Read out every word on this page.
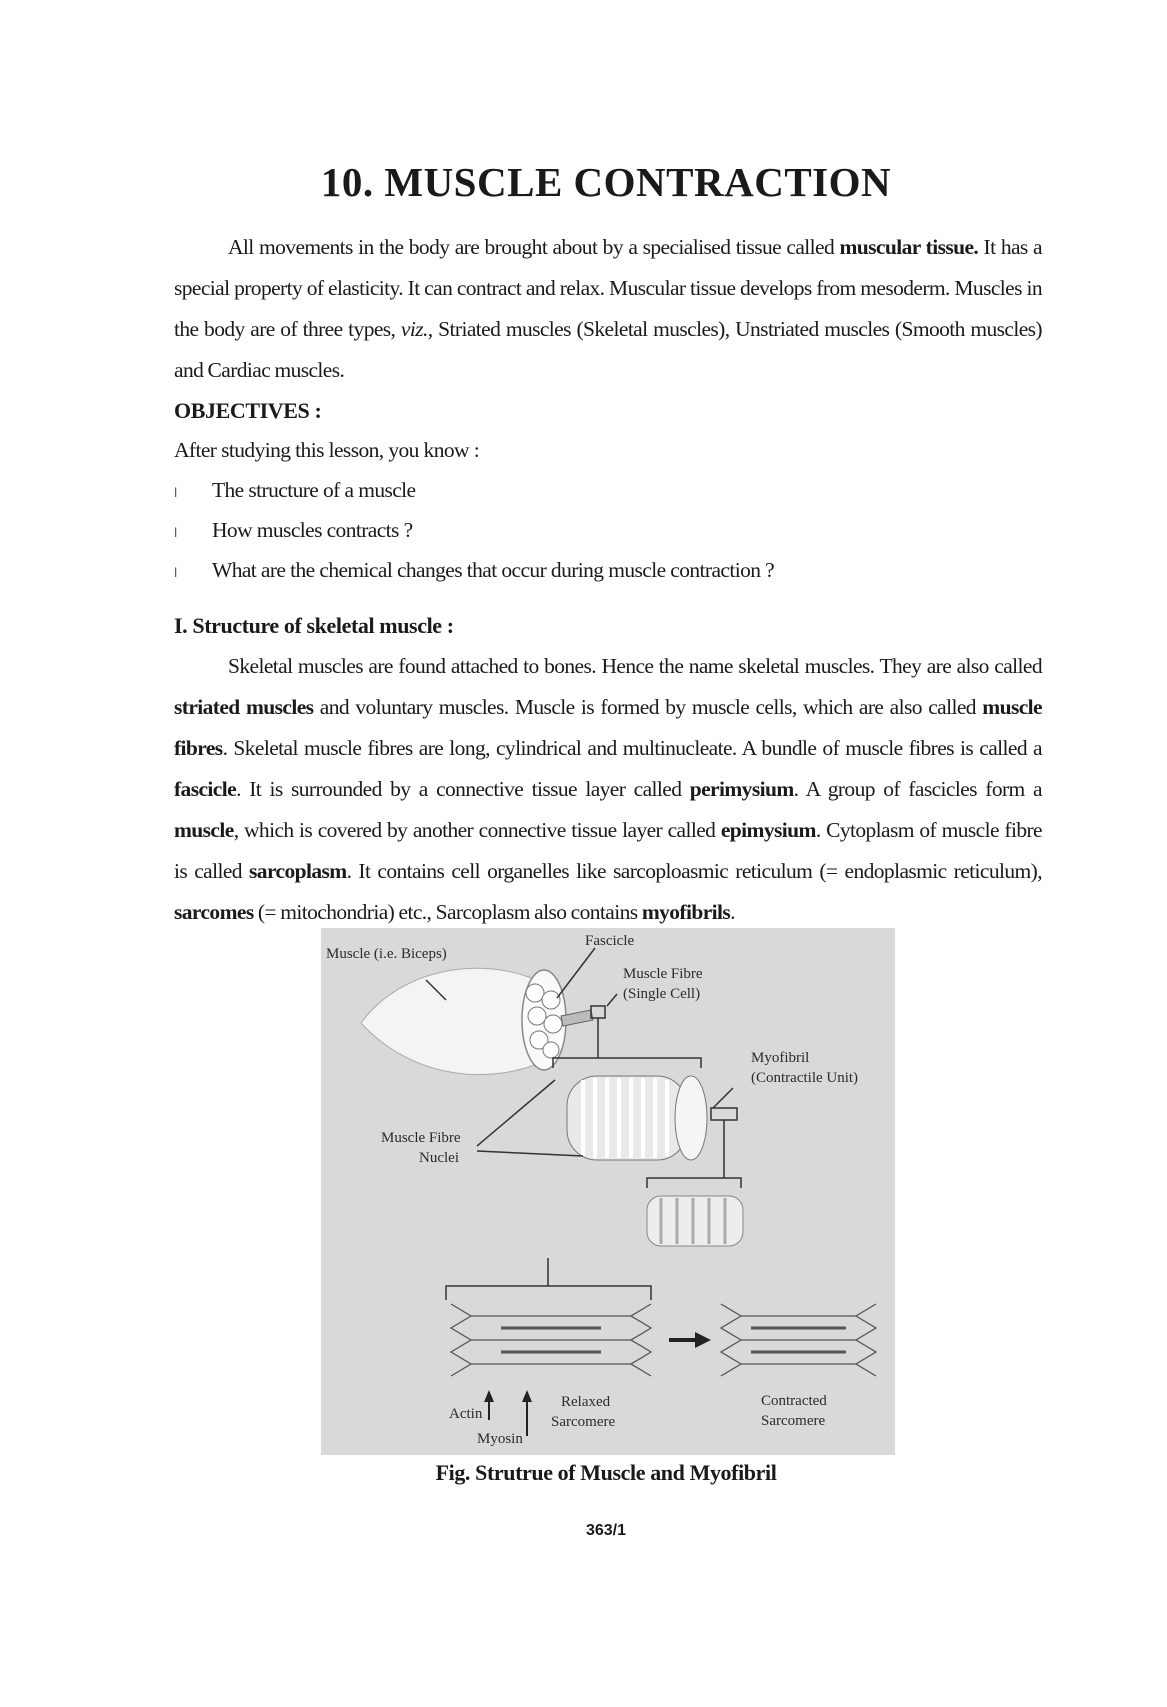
10. MUSCLE CONTRACTION

All movements in the body are brought about by a specialised tissue called muscular tissue. It has a special property of elasticity. It can contract and relax. Muscular tissue develops from mesoderm. Muscles in the body are of three types, viz., Striated muscles (Skeletal muscles), Unstriated muscles (Smooth muscles) and Cardiac muscles.

OBJECTIVES :

After studying this lesson, you know :

l The structure of a muscle
l How muscles contracts ?
l What are the chemical changes that occur during muscle contraction ?
I. Structure of skeletal muscle :

Skeletal muscles are found attached to bones. Hence the name skeletal muscles. They are also called striated muscles and voluntary muscles. Muscle is formed by muscle cells, which are also called muscle fibres. Skeletal muscle fibres are long, cylindrical and multinucleate. A bundle of muscle fibres is called a fascicle. It is surrounded by a connective tissue layer called perimysium. A group of fascicles form a muscle, which is covered by another connective tissue layer called epimysium. Cytoplasm of muscle fibre is called sarcoplasm. It contains cell organelles like sarcoploasmic reticulum (= endoplasmic reticulum), sarcomes (= mitochondria) etc., Sarcoplasm also contains myofibrils.

Muscle (i.e. Biceps)
Fascicle
Muscle Fibre
(Single Cell)
Myofibril
(Contractile Unit)
Muscle Fibre
Nuclei
Actin
Myosin
Relaxed
Sarcomere
Contracted
Sarcomere

Fig. Strutrue of Muscle and Myofibril

363/1
